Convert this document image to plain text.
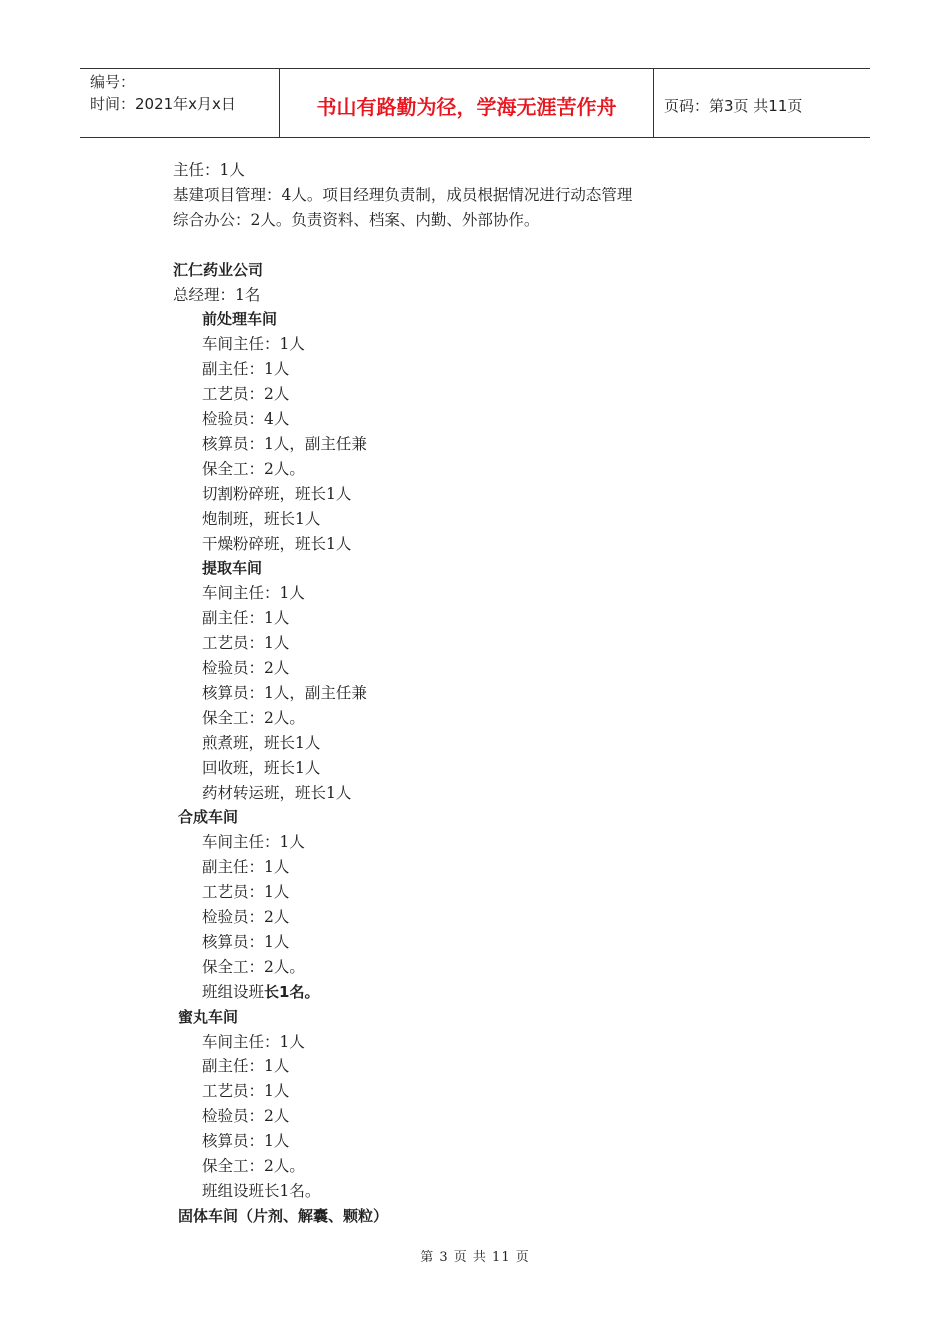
编号：
时间：2021年x月x日	书山有路勤为径，学海无涯苦作舟	页码：第3页 共11页
主任：1人
基建项目管理：4人。项目经理负责制，成员根据情况进行动态管理
综合办公：2人。负责资料、档案、内勤、外部协作。
汇仁药业公司
总经理：1名
前处理车间
车间主任：1人
副主任：1人
工艺员：2人
检验员：4人
核算员：1人，副主任兼
保全工：2人。
切割粉碎班，班长1人
炮制班，班长1人
干燥粉碎班，班长1人
提取车间
车间主任：1人
副主任：1人
工艺员：1人
检验员：2人
核算员：1人，副主任兼
保全工：2人。
煎煮班，班长1人
回收班，班长1人
药材转运班，班长1人
合成车间
车间主任：1人
副主任：1人
工艺员：1人
检验员：2人
核算员：1人
保全工：2人。
班组设班长1名。
蜜丸车间
车间主任：1人
副主任：1人
工艺员：1人
检验员：2人
核算员：1人
保全工：2人。
班组设班长1名。
固体车间（片剂、解囊、颗粒）
第 3 页 共 11 页
